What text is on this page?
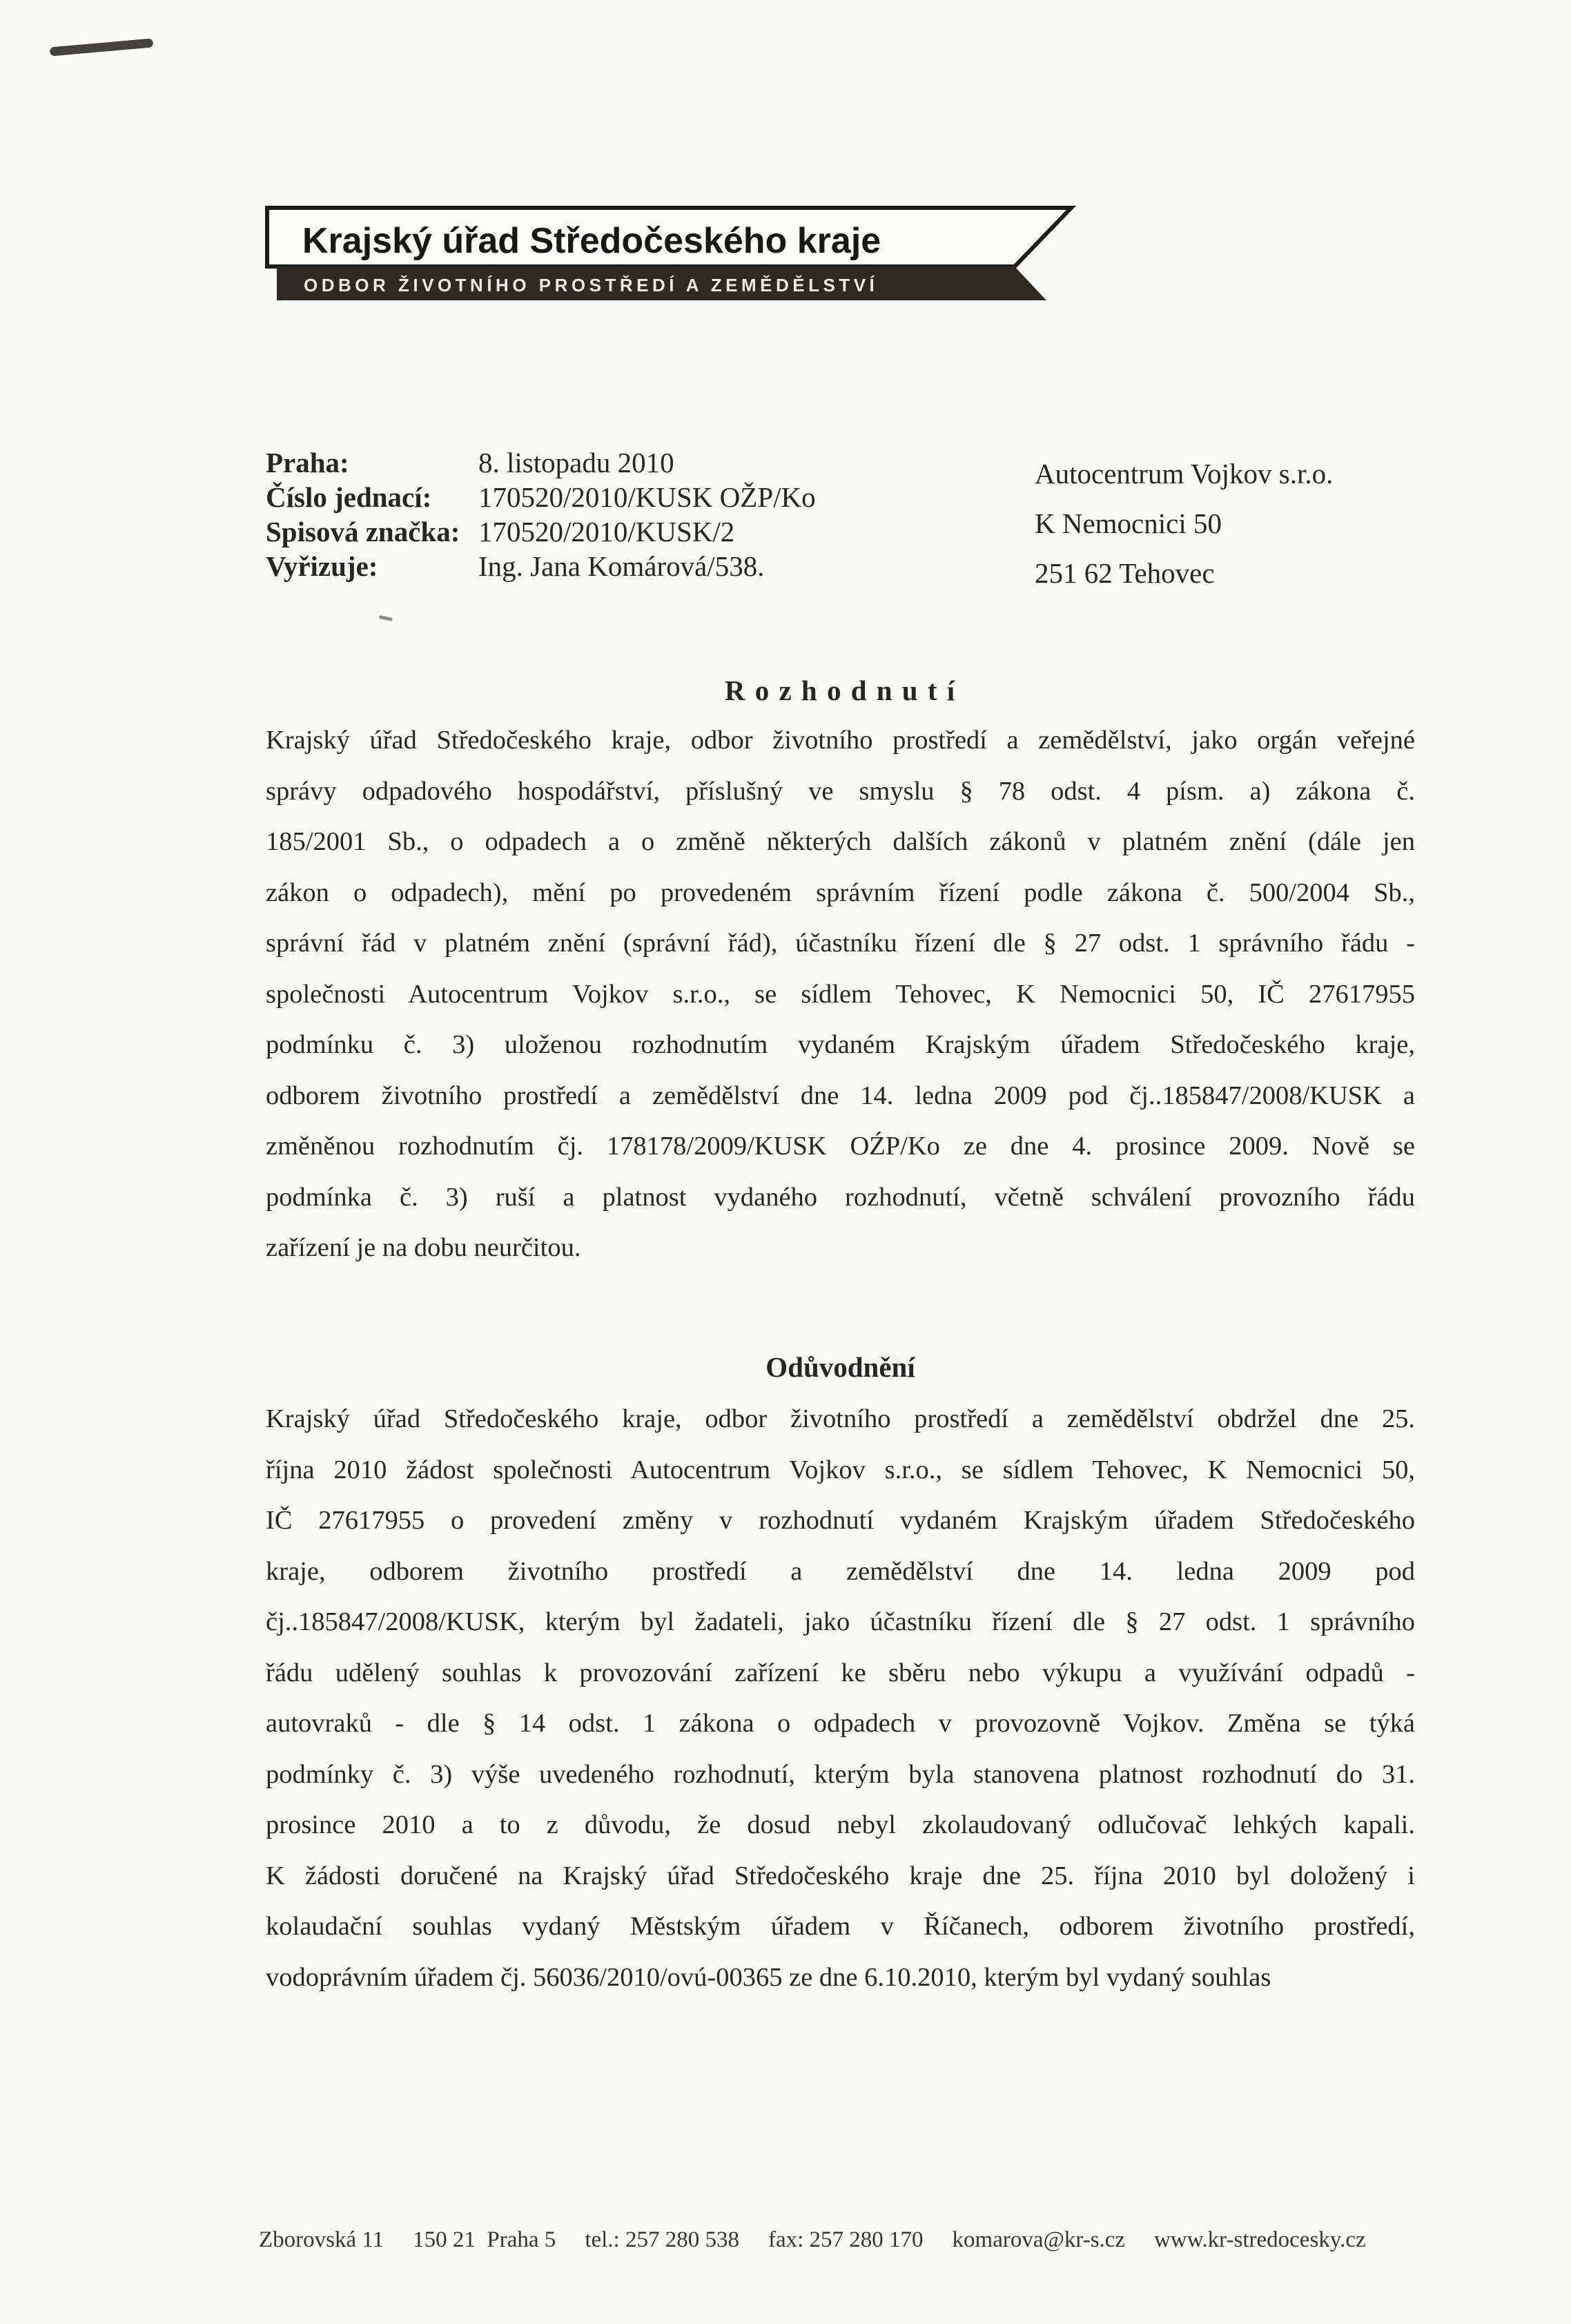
Krajský úřad Středočeského kraje
ODBOR ŽIVOTNÍHO PROSTŘEDÍ A ZEMĚDĚLSTVÍ
Praha:	8. listopadu 2010
Číslo jednací: 170520/2010/KUSK OŽP/Ko
Spisová značka: 170520/2010/KUSK/2
Vyřizuje:	Ing. Jana Komárová/538.
Autocentrum Vojkov s.r.o.
K Nemocnici 50
251 62 Tehovec
R o z h o d n u t í
Krajský úřad Středočeského kraje, odbor životního prostředí a zemědělství, jako orgán veřejné
správy odpadového hospodářství, příslušný ve smyslu § 78 odst. 4 písm. a) zákona č.
185/2001 Sb., o odpadech a o změně některých dalších zákonů v platném znění (dále jen
zákon o odpadech), mění po provedeném správním řízení podle zákona č. 500/2004 Sb.,
správní řád v platném znění (správní řád), účastníku řízení dle § 27 odst. 1 správního řádu -
společnosti Autocentrum Vojkov s.r.o., se sídlem Tehovec, K Nemocnici 50, IČ 27617955
podmínku č. 3) uloženou rozhodnutím vydaném Krajským úřadem Středočeského kraje,
odborem životního prostředí a zemědělství dne 14. ledna 2009 pod čj..185847/2008/KUSK a
změněnou rozhodnutím čj. 178178/2009/KUSK OŹP/Ko ze dne 4. prosince 2009. Nově se
podmínka č. 3) ruší a platnost vydaného rozhodnutí, včetně schválení provozního řádu
zařízení je na dobu neurčitou.
Odůvodnění
Krajský úřad Středočeského kraje, odbor životního prostředí a zemědělství obdržel dne 25.
října 2010 žádost společnosti Autocentrum Vojkov s.r.o., se sídlem Tehovec, K Nemocnici 50,
IČ 27617955 o provedení změny v rozhodnutí vydaném Krajským úřadem Středočeského
kraje, odborem životního prostředí a zemědělství dne 14. ledna 2009 pod
čj..185847/2008/KUSK, kterým byl žadateli, jako účastníku řízení dle § 27 odst. 1 správního
řádu udělený souhlas k provozování zařízení ke sběru nebo výkupu a využívání odpadů -
autovraků - dle § 14 odst. 1 zákona o odpadech v provozovně Vojkov. Změna se týká
podmínky č. 3) výše uvedeného rozhodnutí, kterým byla stanovena platnost rozhodnutí do 31.
prosince 2010 a to z důvodu, že dosud nebyl zkolaudovaný odlučovač lehkých kapali.
K žádosti doručené na Krajský úřad Středočeského kraje dne 25. října 2010 byl doložený i
kolaudační souhlas vydaný Městským úřadem v Říčanech, odborem životního prostředí,
vodoprávním úřadem čj. 56036/2010/ovú-00365 ze dne 6.10.2010, kterým byl vydaný souhlas
Zborovská 11 150 21  Praha 5 tel.: 257 280 538 fax: 257 280 170 komarova@kr-s.cz www.kr-stredocesky.cz
